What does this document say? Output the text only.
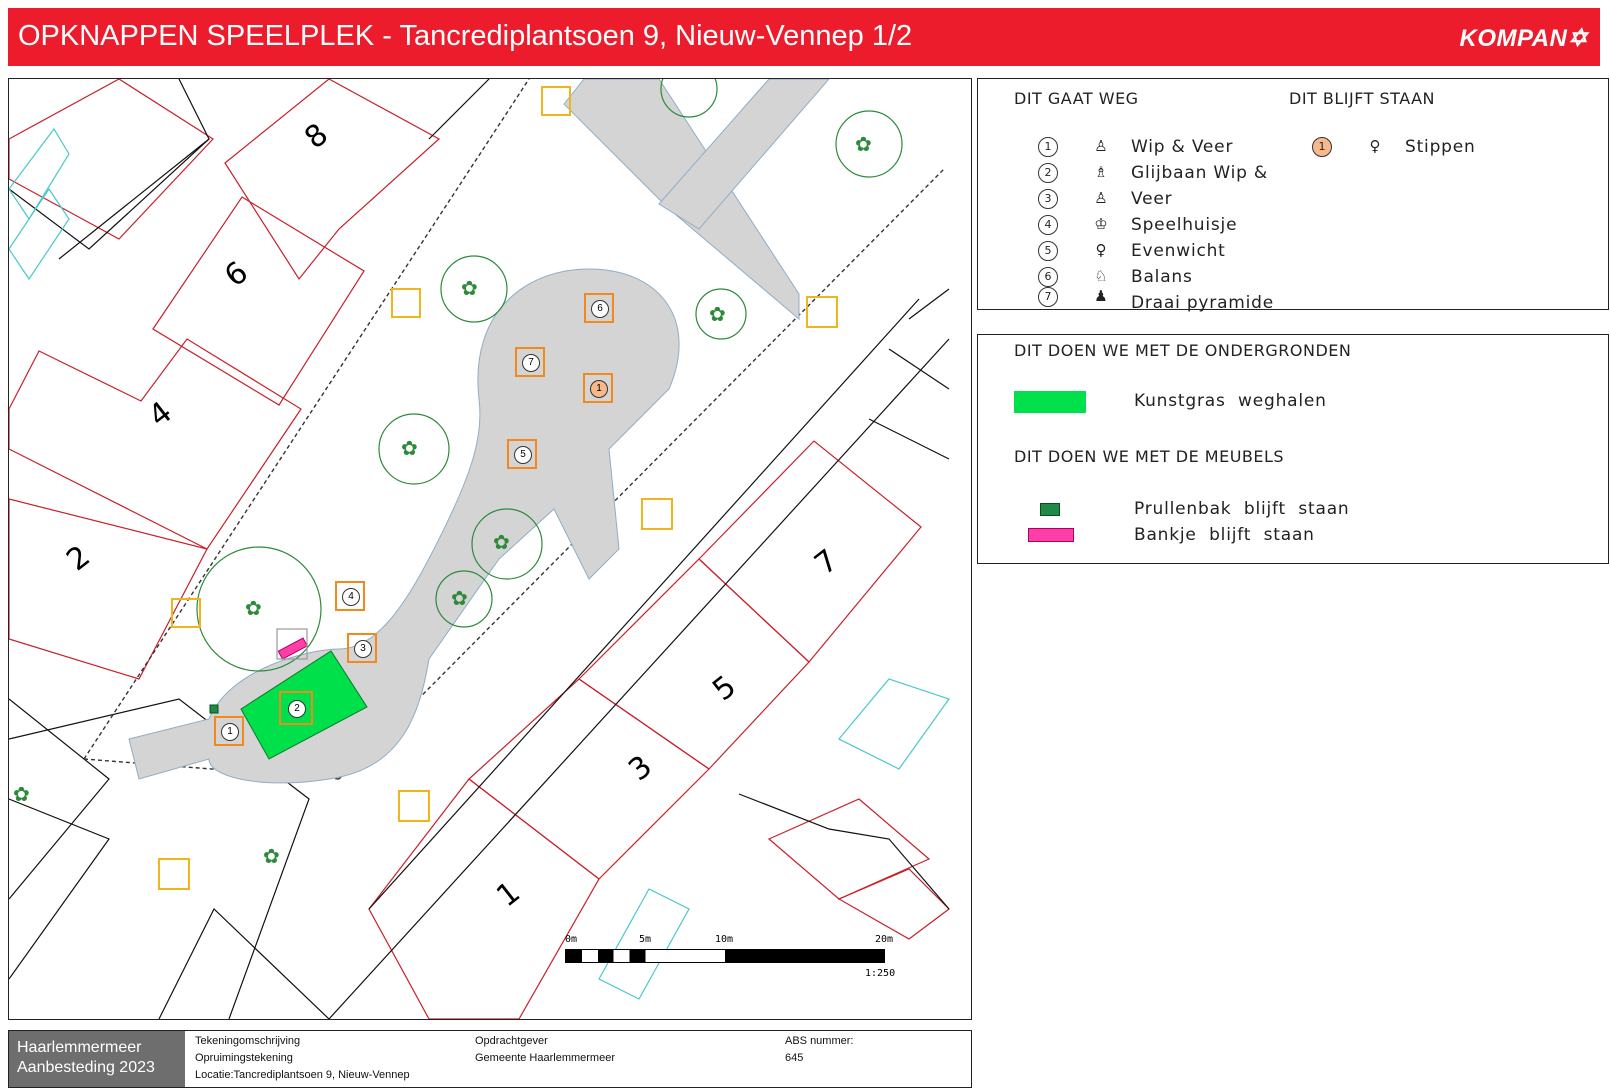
OPKNAPPEN SPEELPLEK - Tancrediplantsoen 9, Nieuw-Vennep 1/2	KOMPAN✡
✿
✿
✿
✿
✿
✿
✿
✿
✿
8
6
4
2	7
5
3
1
1
2
3
4
5
6
7
1
0m	5m	10m	20m
1:250
DIT GAAT WEG	DIT BLIJFT STAAN
1	♙ Wip & Veer
2	♗ Glijbaan Wip &
3	♙ Veer
4	♔ Speelhuisje
5	♀ Evenwicht
6	♘ Balans
7	♟ Draai pyramide
1	♀ Stippen
DIT DOEN WE MET DE ONDERGRONDEN
Kunstgras  weghalen
DIT DOEN WE MET DE MEUBELS
Prullenbak  blijft  staan
Bankje  blijft  staan
Haarlemmermeer
Aanbesteding 2023
Tekeningomschrijving
Opruimingstekening
Locatie:Tancrediplantsoen 9, Nieuw-Vennep
Opdrachtgever
Gemeente Haarlemmermeer
ABS nummer:
645
